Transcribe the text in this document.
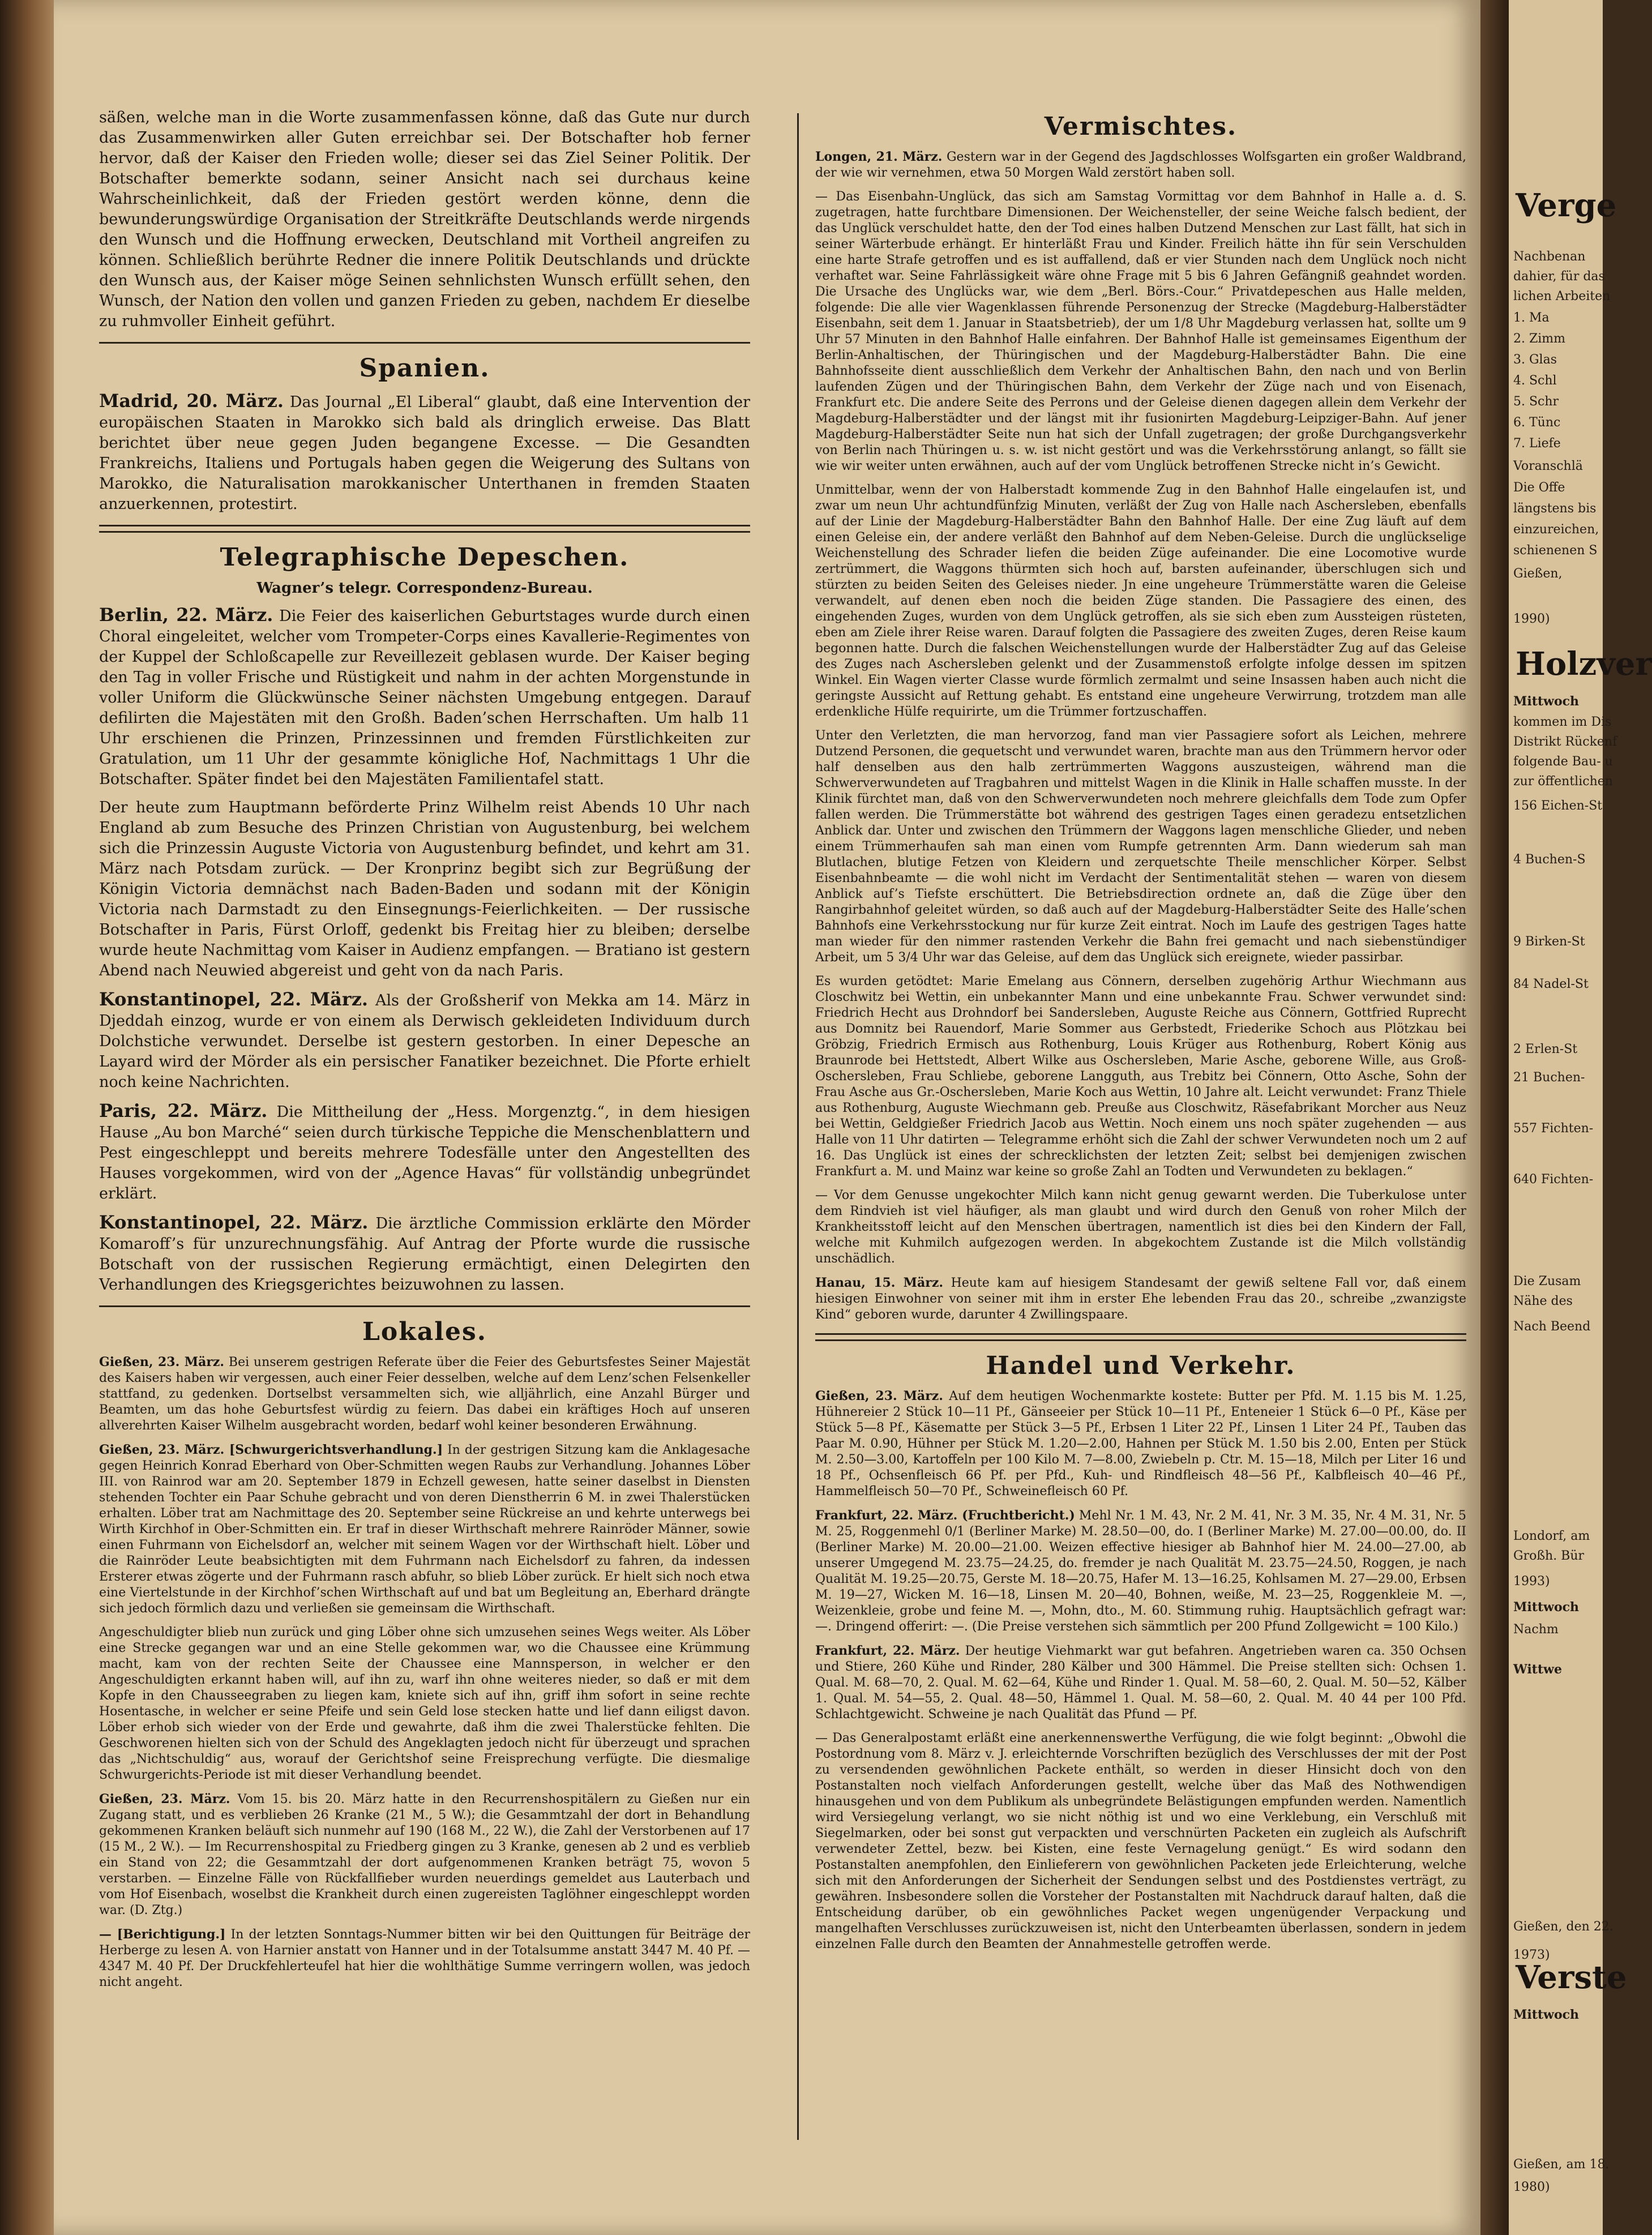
säßen, welche man in die Worte zusammenfassen könne, daß das Gute nur durch das Zusammenwirken aller Guten erreichbar sei. Der Botschafter hob ferner hervor, daß der Kaiser den Frieden wolle; dieser sei das Ziel Seiner Politik. Der Botschafter bemerkte sodann, seiner Ansicht nach sei durchaus keine Wahrscheinlichkeit, daß der Frieden gestört werden könne, denn die bewunderungswürdige Organisation der Streitkräfte Deutschlands werde nirgends den Wunsch und die Hoffnung erwecken, Deutschland mit Vortheil angreifen zu können. Schließlich berührte Redner die innere Politik Deutschlands und drückte den Wunsch aus, der Kaiser möge Seinen sehnlichsten Wunsch erfüllt sehen, den Wunsch, der Nation den vollen und ganzen Frieden zu geben, nachdem Er dieselbe zu ruhmvoller Einheit geführt.

Spanien.

Madrid, 20. März. Das Journal „El Liberal“ glaubt, daß eine Intervention der europäischen Staaten in Marokko sich bald als dringlich erweise. Das Blatt berichtet über neue gegen Juden begangene Excesse. — Die Gesandten Frankreichs, Italiens und Portugals haben gegen die Weigerung des Sultans von Marokko, die Naturalisation marokkanischer Unterthanen in fremden Staaten anzuerkennen, protestirt.

Telegraphische Depeschen.
Wagner’s telegr. Correspondenz-Bureau.

Berlin, 22. März. Die Feier des kaiserlichen Geburtstages wurde durch einen Choral eingeleitet, welcher vom Trompeter-Corps eines Kavallerie-Regimentes von der Kuppel der Schloßcapelle zur Reveillezeit geblasen wurde. Der Kaiser beging den Tag in voller Frische und Rüstigkeit und nahm in der achten Morgenstunde in voller Uniform die Glückwünsche Seiner nächsten Umgebung entgegen. Darauf defilirten die Majestäten mit den Großh. Baden’schen Herrschaften. Um halb 11 Uhr erschienen die Prinzen, Prinzessinnen und fremden Fürstlichkeiten zur Gratulation, um 11 Uhr der gesammte königliche Hof, Nachmittags 1 Uhr die Botschafter. Später findet bei den Majestäten Familientafel statt.

Der heute zum Hauptmann beförderte Prinz Wilhelm reist Abends 10 Uhr nach England ab zum Besuche des Prinzen Christian von Augustenburg, bei welchem sich die Prinzessin Auguste Victoria von Augustenburg befindet, und kehrt am 31. März nach Potsdam zurück. — Der Kronprinz begibt sich zur Begrüßung der Königin Victoria demnächst nach Baden-Baden und sodann mit der Königin Victoria nach Darmstadt zu den Einsegnungs-Feierlichkeiten. — Der russische Botschafter in Paris, Fürst Orloff, gedenkt bis Freitag hier zu bleiben; derselbe wurde heute Nachmittag vom Kaiser in Audienz empfangen. — Bratiano ist gestern Abend nach Neuwied abgereist und geht von da nach Paris.

Konstantinopel, 22. März. Als der Großsherif von Mekka am 14. März in Djeddah einzog, wurde er von einem als Derwisch gekleideten Individuum durch Dolchstiche verwundet. Derselbe ist gestern gestorben. In einer Depesche an Layard wird der Mörder als ein persischer Fanatiker bezeichnet. Die Pforte erhielt noch keine Nachrichten.

Paris, 22. März. Die Mittheilung der „Hess. Morgenztg.“, in dem hiesigen Hause „Au bon Marché“ seien durch türkische Teppiche die Menschenblattern und Pest eingeschleppt und bereits mehrere Todesfälle unter den Angestellten des Hauses vorgekommen, wird von der „Agence Havas“ für vollständig unbegründet erklärt.

Konstantinopel, 22. März. Die ärztliche Commission erklärte den Mörder Komaroff’s für unzurechnungsfähig. Auf Antrag der Pforte wurde die russische Botschaft von der russischen Regierung ermächtigt, einen Delegirten den Verhandlungen des Kriegsgerichtes beizuwohnen zu lassen.

Lokales.

Gießen, 23. März. Bei unserem gestrigen Referate über die Feier des Geburtsfestes Seiner Majestät des Kaisers haben wir vergessen, auch einer Feier desselben, welche auf dem Lenz’schen Felsenkeller stattfand, zu gedenken. Dortselbst versammelten sich, wie alljährlich, eine Anzahl Bürger und Beamten, um das hohe Geburtsfest würdig zu feiern. Das dabei ein kräftiges Hoch auf unseren allverehrten Kaiser Wilhelm ausgebracht worden, bedarf wohl keiner besonderen Erwähnung.

Gießen, 23. März. [Schwurgerichtsverhandlung.] In der gestrigen Sitzung kam die Anklagesache gegen Heinrich Konrad Eberhard von Ober-Schmitten wegen Raubs zur Verhandlung. Johannes Löber III. von Rainrod war am 20. September 1879 in Echzell gewesen, hatte seiner daselbst in Diensten stehenden Tochter ein Paar Schuhe gebracht und von deren Dienstherrin 6 M. in zwei Thalerstücken erhalten. Löber trat am Nachmittage des 20. September seine Rückreise an und kehrte unterwegs bei Wirth Kirchhof in Ober-Schmitten ein. Er traf in dieser Wirthschaft mehrere Rainröder Männer, sowie einen Fuhrmann von Eichelsdorf an, welcher mit seinem Wagen vor der Wirthschaft hielt. Löber und die Rainröder Leute beabsichtigten mit dem Fuhrmann nach Eichelsdorf zu fahren, da indessen Ersterer etwas zögerte und der Fuhrmann rasch abfuhr, so blieb Löber zurück. Er hielt sich noch etwa eine Viertelstunde in der Kirchhof’schen Wirthschaft auf und bat um Begleitung an, Eberhard drängte sich jedoch förmlich dazu und verließen sie gemeinsam die Wirthschaft.

Angeschuldigter blieb nun zurück und ging Löber ohne sich umzusehen seines Wegs weiter. Als Löber eine Strecke gegangen war und an eine Stelle gekommen war, wo die Chaussee eine Krümmung macht, kam von der rechten Seite der Chaussee eine Mannsperson, in welcher er den Angeschuldigten erkannt haben will, auf ihn zu, warf ihn ohne weiteres nieder, so daß er mit dem Kopfe in den Chausseegraben zu liegen kam, kniete sich auf ihn, griff ihm sofort in seine rechte Hosentasche, in welcher er seine Pfeife und sein Geld lose stecken hatte und lief dann eiligst davon. Löber erhob sich wieder von der Erde und gewahrte, daß ihm die zwei Thalerstücke fehlten. Die Geschworenen hielten sich von der Schuld des Angeklagten jedoch nicht für überzeugt und sprachen das „Nichtschuldig“ aus, worauf der Gerichtshof seine Freisprechung verfügte. Die diesmalige Schwurgerichts-Periode ist mit dieser Verhandlung beendet.

Gießen, 23. März. Vom 15. bis 20. März hatte in den Recurrenshospitälern zu Gießen nur ein Zugang statt, und es verblieben 26 Kranke (21 M., 5 W.); die Gesammtzahl der dort in Behandlung gekommenen Kranken beläuft sich nunmehr auf 190 (168 M., 22 W.), die Zahl der Verstorbenen auf 17 (15 M., 2 W.). — Im Recurrenshospital zu Friedberg gingen zu 3 Kranke, genesen ab 2 und es verblieb ein Stand von 22; die Gesammtzahl der dort aufgenommenen Kranken beträgt 75, wovon 5 verstarben. — Einzelne Fälle von Rückfallfieber wurden neuerdings gemeldet aus Lauterbach und vom Hof Eisenbach, woselbst die Krankheit durch einen zugereisten Taglöhner eingeschleppt worden war. (D. Ztg.)

— [Berichtigung.] In der letzten Sonntags-Nummer bitten wir bei den Quittungen für Beiträge der Herberge zu lesen A. von Harnier anstatt von Hanner und in der Totalsumme anstatt 3447 M. 40 Pf. — 4347 M. 40 Pf. Der Druckfehlerteufel hat hier die wohlthätige Summe verringern wollen, was jedoch nicht angeht.

Vermischtes.

Longen, 21. März. Gestern war in der Gegend des Jagdschlosses Wolfsgarten ein großer Waldbrand, der wie wir vernehmen, etwa 50 Morgen Wald zerstört haben soll.

— Das Eisenbahn-Unglück, das sich am Samstag Vormittag vor dem Bahnhof in Halle a. d. S. zugetragen, hatte furchtbare Dimensionen. Der Weichensteller, der seine Weiche falsch bedient, der das Unglück verschuldet hatte, den der Tod eines halben Dutzend Menschen zur Last fällt, hat sich in seiner Wärterbude erhängt. Er hinterläßt Frau und Kinder. Freilich hätte ihn für sein Verschulden eine harte Strafe getroffen und es ist auffallend, daß er vier Stunden nach dem Unglück noch nicht verhaftet war. Seine Fahrlässigkeit wäre ohne Frage mit 5 bis 6 Jahren Gefängniß geahndet worden. Die Ursache des Unglücks war, wie dem „Berl. Börs.-Cour.“ Privatdepeschen aus Halle melden, folgende: Die alle vier Wagenklassen führende Personenzug der Strecke (Magdeburg-Halberstädter Eisenbahn, seit dem 1. Januar in Staatsbetrieb), der um 1/8 Uhr Magdeburg verlassen hat, sollte um 9 Uhr 57 Minuten in den Bahnhof Halle einfahren. Der Bahnhof Halle ist gemeinsames Eigenthum der Berlin-Anhaltischen, der Thüringischen und der Magdeburg-Halberstädter Bahn. Die eine Bahnhofsseite dient ausschließlich dem Verkehr der Anhaltischen Bahn, den nach und von Berlin laufenden Zügen und der Thüringischen Bahn, dem Verkehr der Züge nach und von Eisenach, Frankfurt etc. Die andere Seite des Perrons und der Geleise dienen dagegen allein dem Verkehr der Magdeburg-Halberstädter und der längst mit ihr fusionirten Magdeburg-Leipziger-Bahn. Auf jener Magdeburg-Halberstädter Seite nun hat sich der Unfall zugetragen; der große Durchgangsverkehr von Berlin nach Thüringen u. s. w. ist nicht gestört und was die Verkehrsstörung anlangt, so fällt sie wie wir weiter unten erwähnen, auch auf der vom Unglück betroffenen Strecke nicht in’s Gewicht.

Unmittelbar, wenn der von Halberstadt kommende Zug in den Bahnhof Halle eingelaufen ist, und zwar um neun Uhr achtundfünfzig Minuten, verläßt der Zug von Halle nach Aschersleben, ebenfalls auf der Linie der Magdeburg-Halberstädter Bahn den Bahnhof Halle. Der eine Zug läuft auf dem einen Geleise ein, der andere verläßt den Bahnhof auf dem Neben-Geleise. Durch die unglückselige Weichenstellung des Schrader liefen die beiden Züge aufeinander. Die eine Locomotive wurde zertrümmert, die Waggons thürmten sich hoch auf, barsten aufeinander, überschlugen sich und stürzten zu beiden Seiten des Geleises nieder. Jn eine ungeheure Trümmerstätte waren die Geleise verwandelt, auf denen eben noch die beiden Züge standen. Die Passagiere des einen, des eingehenden Zuges, wurden von dem Unglück getroffen, als sie sich eben zum Aussteigen rüsteten, eben am Ziele ihrer Reise waren. Darauf folgten die Passagiere des zweiten Zuges, deren Reise kaum begonnen hatte. Durch die falschen Weichenstellungen wurde der Halberstädter Zug auf das Geleise des Zuges nach Aschersleben gelenkt und der Zusammenstoß erfolgte infolge dessen im spitzen Winkel. Ein Wagen vierter Classe wurde förmlich zermalmt und seine Insassen haben auch nicht die geringste Aussicht auf Rettung gehabt. Es entstand eine ungeheure Verwirrung, trotzdem man alle erdenkliche Hülfe requirirte, um die Trümmer fortzuschaffen.

Unter den Verletzten, die man hervorzog, fand man vier Passagiere sofort als Leichen, mehrere Dutzend Personen, die gequetscht und verwundet waren, brachte man aus den Trümmern hervor oder half denselben aus den halb zertrümmerten Waggons auszusteigen, während man die Schwerverwundeten auf Tragbahren und mittelst Wagen in die Klinik in Halle schaffen musste. In der Klinik fürchtet man, daß von den Schwerverwundeten noch mehrere gleichfalls dem Tode zum Opfer fallen werden. Die Trümmerstätte bot während des gestrigen Tages einen geradezu entsetzlichen Anblick dar. Unter und zwischen den Trümmern der Waggons lagen menschliche Glieder, und neben einem Trümmerhaufen sah man einen vom Rumpfe getrennten Arm. Dann wiederum sah man Blutlachen, blutige Fetzen von Kleidern und zerquetschte Theile menschlicher Körper. Selbst Eisenbahnbeamte — die wohl nicht im Verdacht der Sentimentalität stehen — waren von diesem Anblick auf’s Tiefste erschüttert. Die Betriebsdirection ordnete an, daß die Züge über den Rangirbahnhof geleitet würden, so daß auch auf der Magdeburg-Halberstädter Seite des Halle’schen Bahnhofs eine Verkehrsstockung nur für kurze Zeit eintrat. Noch im Laufe des gestrigen Tages hatte man wieder für den nimmer rastenden Verkehr die Bahn frei gemacht und nach siebenstündiger Arbeit, um 5 3/4 Uhr war das Geleise, auf dem das Unglück sich ereignete, wieder passirbar.

Es wurden getödtet: Marie Emelang aus Cönnern, derselben zugehörig Arthur Wiechmann aus Closchwitz bei Wettin, ein unbekannter Mann und eine unbekannte Frau. Schwer verwundet sind: Friedrich Hecht aus Drohndorf bei Sandersleben, Auguste Reiche aus Cönnern, Gottfried Ruprecht aus Domnitz bei Rauendorf, Marie Sommer aus Gerbstedt, Friederike Schoch aus Plötzkau bei Gröbzig, Friedrich Ermisch aus Rothenburg, Louis Krüger aus Rothenburg, Robert König aus Braunrode bei Hettstedt, Albert Wilke aus Oschersleben, Marie Asche, geborene Wille, aus Groß-Oschersleben, Frau Schliebe, geborene Langguth, aus Trebitz bei Cönnern, Otto Asche, Sohn der Frau Asche aus Gr.-Oschersleben, Marie Koch aus Wettin, 10 Jahre alt. Leicht verwundet: Franz Thiele aus Rothenburg, Auguste Wiechmann geb. Preuße aus Closchwitz, Räsefabrikant Morcher aus Neuz bei Wettin, Geldgießer Friedrich Jacob aus Wettin. Noch einem uns noch später zugehenden — aus Halle von 11 Uhr datirten — Telegramme erhöht sich die Zahl der schwer Verwundeten noch um 2 auf 16. Das Unglück ist eines der schrecklichsten der letzten Zeit; selbst bei demjenigen zwischen Frankfurt a. M. und Mainz war keine so große Zahl an Todten und Verwundeten zu beklagen.“

— Vor dem Genusse ungekochter Milch kann nicht genug gewarnt werden. Die Tuberkulose unter dem Rindvieh ist viel häufiger, als man glaubt und wird durch den Genuß von roher Milch der Krankheitsstoff leicht auf den Menschen übertragen, namentlich ist dies bei den Kindern der Fall, welche mit Kuhmilch aufgezogen werden. In abgekochtem Zustande ist die Milch vollständig unschädlich.

Hanau, 15. März. Heute kam auf hiesigem Standesamt der gewiß seltene Fall vor, daß einem hiesigen Einwohner von seiner mit ihm in erster Ehe lebenden Frau das 20., schreibe „zwanzigste Kind“ geboren wurde, darunter 4 Zwillingspaare.

Handel und Verkehr.

Gießen, 23. März. Auf dem heutigen Wochenmarkte kostete: Butter per Pfd. M. 1.15 bis M. 1.25, Hühnereier 2 Stück 10—11 Pf., Gänseeier per Stück 10—11 Pf., Enteneier 1 Stück 6—0 Pf., Käse per Stück 5—8 Pf., Käsematte per Stück 3—5 Pf., Erbsen 1 Liter 22 Pf., Linsen 1 Liter 24 Pf., Tauben das Paar M. 0.90, Hühner per Stück M. 1.20—2.00, Hahnen per Stück M. 1.50 bis 2.00, Enten per Stück M. 2.50—3.00, Kartoffeln per 100 Kilo M. 7—8.00, Zwiebeln p. Ctr. M. 15—18, Milch per Liter 16 und 18 Pf., Ochsenfleisch 66 Pf. per Pfd., Kuh- und Rindfleisch 48—56 Pf., Kalbfleisch 40—46 Pf., Hammelfleisch 50—70 Pf., Schweinefleisch 60 Pf.

Frankfurt, 22. März. (Fruchtbericht.) Mehl Nr. 1 M. 43, Nr. 2 M. 41, Nr. 3 M. 35, Nr. 4 M. 31, Nr. 5 M. 25, Roggenmehl 0/1 (Berliner Marke) M. 28.50—00, do. I (Berliner Marke) M. 27.00—00.00, do. II (Berliner Marke) M. 20.00—21.00. Weizen effective hiesiger ab Bahnhof hier M. 24.00—27.00, ab unserer Umgegend M. 23.75—24.25, do. fremder je nach Qualität M. 23.75—24.50, Roggen, je nach Qualität M. 19.25—20.75, Gerste M. 18—20.75, Hafer M. 13—16.25, Kohlsamen M. 27—29.00, Erbsen M. 19—27, Wicken M. 16—18, Linsen M. 20—40, Bohnen, weiße, M. 23—25, Roggenkleie M. —, Weizenkleie, grobe und feine M. —, Mohn, dto., M. 60. Stimmung ruhig. Hauptsächlich gefragt war: —. Dringend offerirt: —. (Die Preise verstehen sich sämmtlich per 200 Pfund Zollgewicht = 100 Kilo.)

Frankfurt, 22. März. Der heutige Viehmarkt war gut befahren. Angetrieben waren ca. 350 Ochsen und Stiere, 260 Kühe und Rinder, 280 Kälber und 300 Hämmel. Die Preise stellten sich: Ochsen 1. Qual. M. 68—70, 2. Qual. M. 62—64, Kühe und Rinder 1. Qual. M. 58—60, 2. Qual. M. 50—52, Kälber 1. Qual. M. 54—55, 2. Qual. 48—50, Hämmel 1. Qual. M. 58—60, 2. Qual. M. 40 44 per 100 Pfd. Schlachtgewicht. Schweine je nach Qualität das Pfund — Pf.

— Das Generalpostamt erläßt eine anerkennenswerthe Verfügung, die wie folgt beginnt: „Obwohl die Postordnung vom 8. März v. J. erleichternde Vorschriften bezüglich des Verschlusses der mit der Post zu versendenden gewöhnlichen Packete enthält, so werden in dieser Hinsicht doch von den Postanstalten noch vielfach Anforderungen gestellt, welche über das Maß des Nothwendigen hinausgehen und von dem Publikum als unbegründete Belästigungen empfunden werden. Namentlich wird Versiegelung verlangt, wo sie nicht nöthig ist und wo eine Verklebung, ein Verschluß mit Siegelmarken, oder bei sonst gut verpackten und verschnürten Packeten ein zugleich als Aufschrift verwendeter Zettel, bezw. bei Kisten, eine feste Vernagelung genügt.“ Es wird sodann den Postanstalten anempfohlen, den Einlieferern von gewöhnlichen Packeten jede Erleichterung, welche sich mit den Anforderungen der Sicherheit der Sendungen selbst und des Postdienstes verträgt, zu gewähren. Insbesondere sollen die Vorsteher der Postanstalten mit Nachdruck darauf halten, daß die Entscheidung darüber, ob ein gewöhnliches Packet wegen ungenügender Verpackung und mangelhaften Verschlusses zurückzuweisen ist, nicht den Unterbeamten überlassen, sondern in jedem einzelnen Falle durch den Beamten der Annahmestelle getroffen werde.

Verge
Nachbenan
dahier, für das
lichen Arbeiten
1. Ma
2. Zimm
3. Glas
4. Schl
5. Schr
6. Tünc
7. Liefe
Voranschlä
Die Offe
längstens bis
einzureichen,
schienenen S
Gießen,
1990)
Holzver
Mittwoch
kommen im Dis
Distrikt Rückenf
folgende Bau- u
zur öffentlichen
156 Eichen-St
4 Buchen-S
9 Birken-St
84 Nadel-St
2 Erlen-St
21 Buchen-
557 Fichten-
640 Fichten-
Die Zusam
Nähe des
Nach Beend
Londorf, am
Großh. Bür
1993)
Mittwoch
Nachm
Wittwe
Gießen, den 22.
1973)
Verste
Mittwoch
Gießen, am 18.
1980)
